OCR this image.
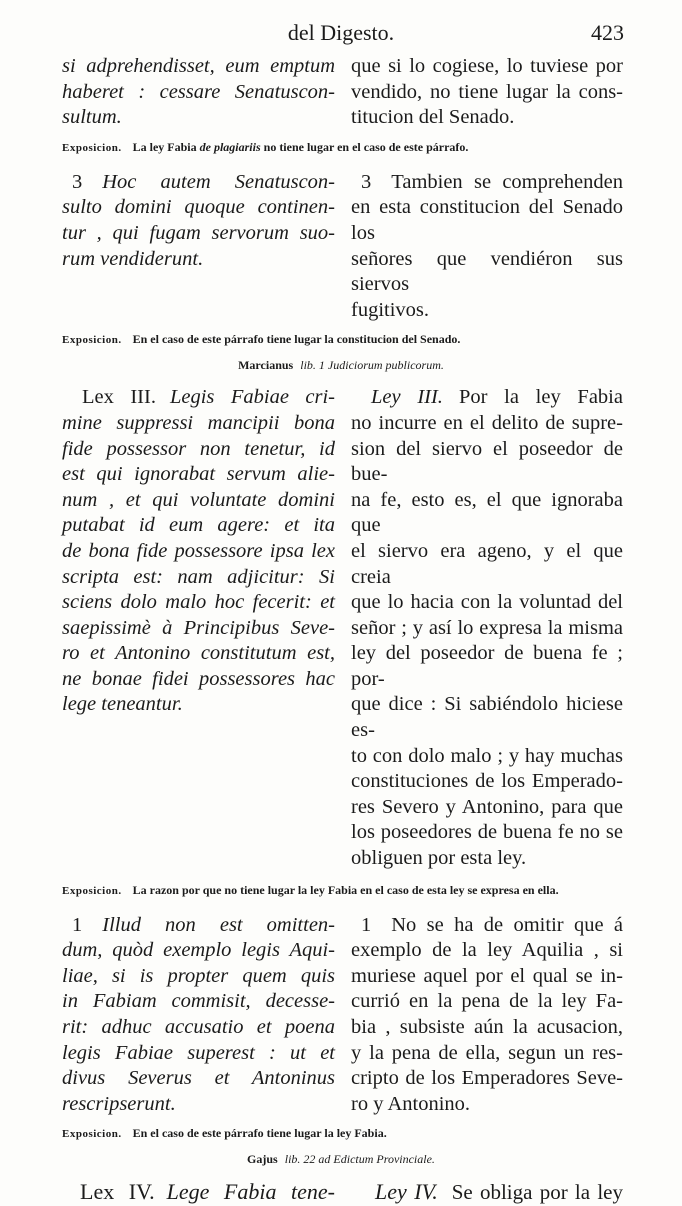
del Digesto.	423
si adprehendisset, eum emptum
haberet : cessare Senatuscon-
sultum.
que si lo cogiese, lo tuviese por
vendido, no tiene lugar la cons-
titucion del Senado.
Exposicion. La ley Fabia de plagiariis no tiene lugar en el caso de este párrafo.
3 Hoc autem Senatuscon-
sulto domini quoque continen-
tur , qui fugam servorum suo-
rum vendiderunt.
3 Tambien se comprehenden
en esta constitucion del Senado los
señores que vendiéron sus siervos
fugitivos.
Exposicion. En el caso de este párrafo tiene lugar la constitucion del Senado.
Marcianus lib. 1 Judiciorum publicorum.
Lex III. Legis Fabiae cri-
mine suppressi mancipii bona
fide possessor non tenetur, id
est qui ignorabat servum alie-
num , et qui voluntate domini
putabat id eum agere: et ita
de bona fide possessore ipsa lex
scripta est: nam adjicitur: Si
sciens dolo malo hoc fecerit: et
saepissimè à Principibus Seve-
ro et Antonino constitutum est,
ne bonae fidei possessores hac
lege teneantur.
Ley III. Por la ley Fabia
no incurre en el delito de supre-
sion del siervo el poseedor de bue-
na fe, esto es, el que ignoraba que
el siervo era ageno, y el que creia
que lo hacia con la voluntad del
señor ; y así lo expresa la misma
ley del poseedor de buena fe ; por-
que dice : Si sabiéndolo hiciese es-
to con dolo malo ; y hay muchas
constituciones de los Emperado-
res Severo y Antonino, para que
los poseedores de buena fe no se
obliguen por esta ley.
Exposicion. La razon por que no tiene lugar la ley Fabia en el caso de esta ley se expresa en ella.
1 Illud non est omitten-
dum, quòd exemplo legis Aqui-
liae, si is propter quem quis
in Fabiam commisit, decesse-
rit: adhuc accusatio et poena
legis Fabiae superest : ut et
divus Severus et Antoninus
rescripserunt.
1 No se ha de omitir que á
exemplo de la ley Aquilia , si
muriese aquel por el qual se in-
currió en la pena de la ley Fa-
bia , subsiste aún la acusacion,
y la pena de ella, segun un res-
cripto de los Emperadores Seve-
ro y Antonino.
Exposicion. En el caso de este párrafo tiene lugar la ley Fabia.
Gajus lib. 22 ad Edictum Provinciale.
Lex IV. Lege Fabia tene-	Ley IV. Se obliga por la ley
